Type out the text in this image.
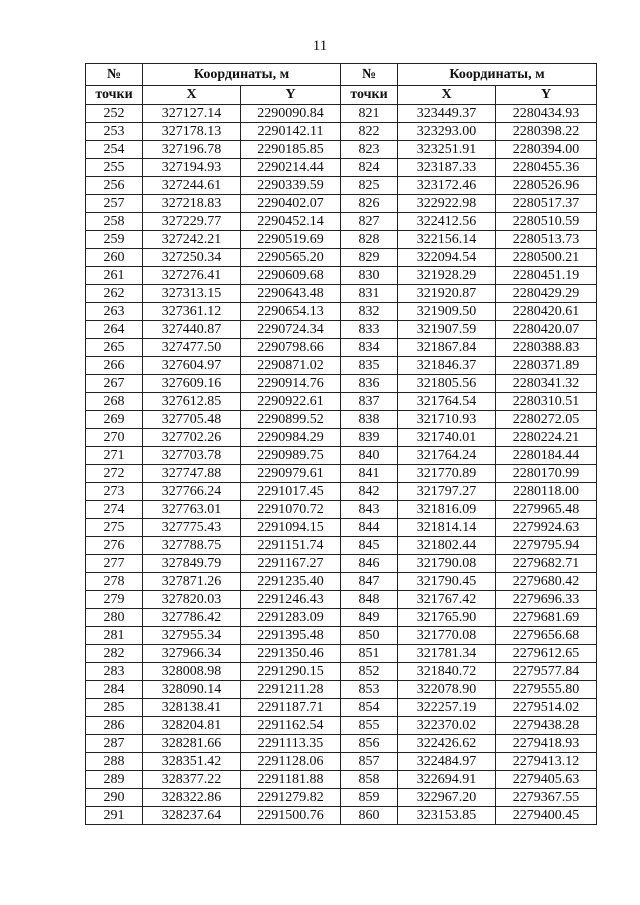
11
№	Координаты, м		№	Координаты, м	
точки	X	Y	точки	X	Y
252	327127.14	2290090.84	821	323449.37	2280434.93
253	327178.13	2290142.11	822	323293.00	2280398.22
254	327196.78	2290185.85	823	323251.91	2280394.00
255	327194.93	2290214.44	824	323187.33	2280455.36
256	327244.61	2290339.59	825	323172.46	2280526.96
257	327218.83	2290402.07	826	322922.98	2280517.37
258	327229.77	2290452.14	827	322412.56	2280510.59
259	327242.21	2290519.69	828	322156.14	2280513.73
260	327250.34	2290565.20	829	322094.54	2280500.21
261	327276.41	2290609.68	830	321928.29	2280451.19
262	327313.15	2290643.48	831	321920.87	2280429.29
263	327361.12	2290654.13	832	321909.50	2280420.61
264	327440.87	2290724.34	833	321907.59	2280420.07
265	327477.50	2290798.66	834	321867.84	2280388.83
266	327604.97	2290871.02	835	321846.37	2280371.89
267	327609.16	2290914.76	836	321805.56	2280341.32
268	327612.85	2290922.61	837	321764.54	2280310.51
269	327705.48	2290899.52	838	321710.93	2280272.05
270	327702.26	2290984.29	839	321740.01	2280224.21
271	327703.78	2290989.75	840	321764.24	2280184.44
272	327747.88	2290979.61	841	321770.89	2280170.99
273	327766.24	2291017.45	842	321797.27	2280118.00
274	327763.01	2291070.72	843	321816.09	2279965.48
275	327775.43	2291094.15	844	321814.14	2279924.63
276	327788.75	2291151.74	845	321802.44	2279795.94
277	327849.79	2291167.27	846	321790.08	2279682.71
278	327871.26	2291235.40	847	321790.45	2279680.42
279	327820.03	2291246.43	848	321767.42	2279696.33
280	327786.42	2291283.09	849	321765.90	2279681.69
281	327955.34	2291395.48	850	321770.08	2279656.68
282	327966.34	2291350.46	851	321781.34	2279612.65
283	328008.98	2291290.15	852	321840.72	2279577.84
284	328090.14	2291211.28	853	322078.90	2279555.80
285	328138.41	2291187.71	854	322257.19	2279514.02
286	328204.81	2291162.54	855	322370.02	2279438.28
287	328281.66	2291113.35	856	322426.62	2279418.93
288	328351.42	2291128.06	857	322484.97	2279413.12
289	328377.22	2291181.88	858	322694.91	2279405.63
290	328322.86	2291279.82	859	322967.20	2279367.55
291	328237.64	2291500.76	860	323153.85	2279400.45
